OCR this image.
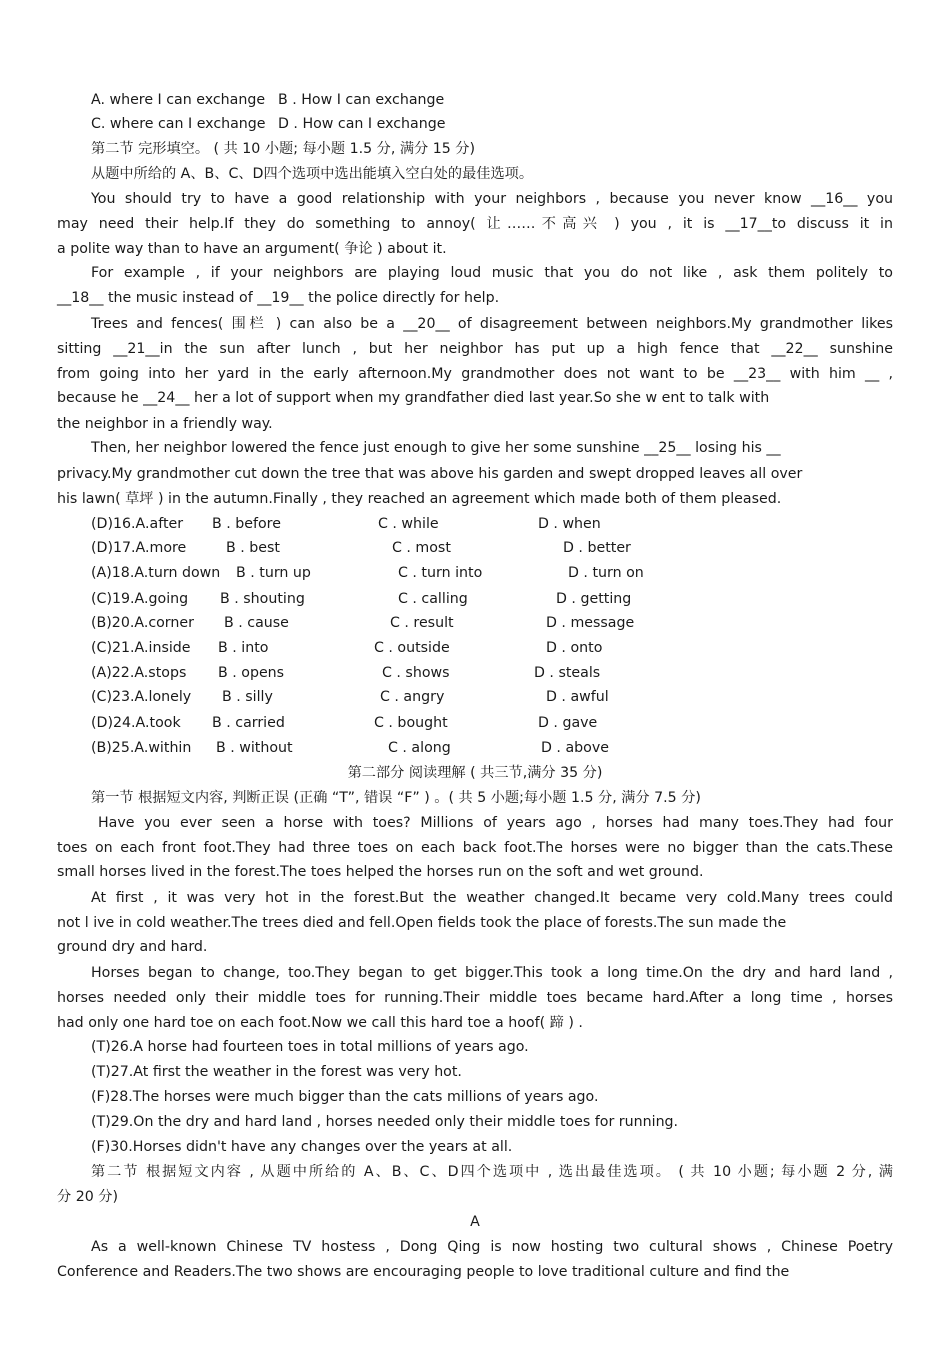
A. where I can exchange B . How I can exchange
C. where can I exchange D . How can I exchange
第二节 完形填空。 ( 共 10 小题; 每小题 1.5 分, 满分 15 分)
从题中所给的 A、B、C、D四个选项中选出能填入空白处的最佳选项。
You should try to have a good relationship with your neighbors , because you never know __16__ you
may need their help.If they do something to annoy( 让……不高兴 ) you , it is __17__to discuss it in
a polite way than to have an argument( 争论 ) about it.
For example , if your neighbors are playing loud music that you do not like , ask them politely to
__18__ the music instead of __19__ the police directly for help.
Trees and fences( 围栏 ) can also be a __20__ of disagreement between neighbors.My grandmother likes
sitting __21__in the sun after lunch , but her neighbor has put up a high fence that __22__ sunshine
from going into her yard in the early afternoon.My grandmother does not want to be __23__ with him __ ,
because he __24__ her a lot of support when my grandfather died last year.So she w ent to talk with
the neighbor in a friendly way.
Then, her neighbor lowered the fence just enough to give her some sunshine __25__ losing his __
privacy.My grandmother cut down the tree that was above his garden and swept dropped leaves all over
his lawn( 草坪 ) in the autumn.Finally , they reached an agreement which made both of them pleased.
(D)16.A.after B . before	C . while	D . when
(D)17.A.more	B . best	C . most	D . better
(A)18.A.turn down B . turn up	C . turn into	D . turn on
(C)19.A.going B . shouting	C . calling	D . getting
(B)20.A.corner B . cause	C . result	D . message
(C)21.A.inside B . into	C . outside	D . onto
(A)22.A.stops B . opens	C . shows	D . steals
(C)23.A.lonely B . silly	C . angry	D . awful
(D)24.A.took B . carried	C . bought	D . gave
(B)25.A.within B . without	C . along	D . above
第二部分 阅读理解 ( 共三节,满分 35 分)
第一节 根据短文内容, 判断正误 (正确 “T”, 错误 “F” ) 。( 共 5 小题;每小题 1.5 分, 满分 7.5 分)
Have you ever seen a horse with toes? Millions of years ago , horses had many toes.They had four
toes on each front foot.They had three toes on each back foot.The horses were no bigger than the cats.These
small horses lived in the forest.The toes helped the horses run on the soft and wet ground.
At first , it was very hot in the forest.But the weather changed.It became very cold.Many trees could
not l ive in cold weather.The trees died and fell.Open fields took the place of forests.The sun made the
ground dry and hard.
Horses began to change, too.They began to get bigger.This took a long time.On the dry and hard land ,
horses needed only their middle toes for running.Their middle toes became hard.After a long time , horses
had only one hard toe on each foot.Now we call this hard toe a hoof( 蹄 ) .
(T)26.A horse had fourteen toes in total millions of years ago.
(T)27.At first the weather in the forest was very hot.
(F)28.The horses were much bigger than the cats millions of years ago.
(T)29.On the dry and hard land , horses needed only their middle toes for running.
(F)30.Horses didn't have any changes over the years at all.
第二节 根据短文内容 , 从题中所给的 A、B、C、D四个选项中 , 选出最佳选项。 ( 共 10 小题; 每小题 2 分, 满
分 20 分)
A
As a well-known Chinese TV hostess , Dong Qing is now hosting two cultural shows , Chinese Poetry
Conference and Readers.The two shows are encouraging people to love traditional culture and find the
